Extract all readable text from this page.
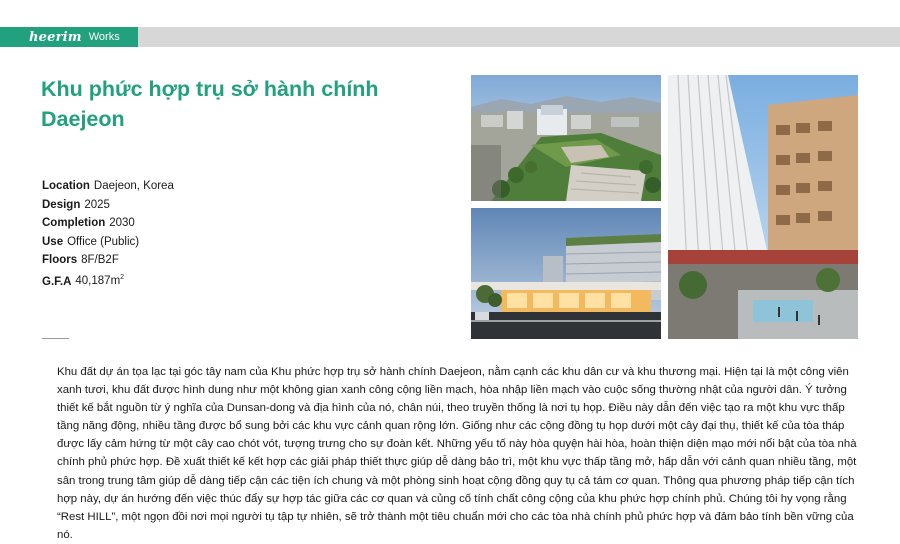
heerim Works
Khu phức hợp trụ sở hành chính
Daejeon
Location Daejeon, Korea
Design 2025
Completion 2030
Use Office (Public)
Floors 8F/B2F
G.F.A $40,187m^2$

Khu đất dự án tọa lạc tại góc tây nam của Khu phức hợp trụ sở hành chính Daejeon, nằm cạnh các khu dân cư và khu thương mại. Hiện tại là một công viên xanh tươi, khu đất được hình dung như một không gian xanh công cộng liền mạch, hòa nhập liền mạch vào cuộc sống thường nhật của người dân. Ý tưởng thiết kế bắt nguồn từ ý nghĩa của Dunsan-dong và địa hình của nó, chân núi, theo truyền thống là nơi tụ họp. Điều này dẫn đến việc tạo ra một khu vực thấp tầng năng động, nhiều tầng được bổ sung bởi các khu vực cảnh quan rộng lớn. Giống như các cộng đồng tụ họp dưới một cây đại thụ, thiết kế của tòa tháp được lấy cảm hứng từ một cây cao chót vót, tượng trưng cho sự đoàn kết. Những yếu tố này hòa quyện hài hòa, hoàn thiện diện mạo mới nổi bật của tòa nhà chính phủ phức hợp. Đề xuất thiết kế kết hợp các giải pháp thiết thực giúp dễ dàng bảo trì, một khu vực thấp tầng mở, hấp dẫn với cảnh quan nhiều tầng, một sân trong trung tâm giúp dễ dàng tiếp cận các tiện ích chung và một phòng sinh hoạt cộng đồng quy tụ cả tám cơ quan. Thông qua phương pháp tiếp cận tích hợp này, dự án hướng đến việc thúc đẩy sự hợp tác giữa các cơ quan và củng cố tính chất công cộng của khu phức hợp chính phủ. Chúng tôi hy vọng rằng “Rest HILL”, một ngọn đồi nơi mọi người tụ tập tự nhiên, sẽ trở thành một tiêu chuẩn mới cho các tòa nhà chính phủ phức hợp và đảm bảo tính bền vững của nó.
